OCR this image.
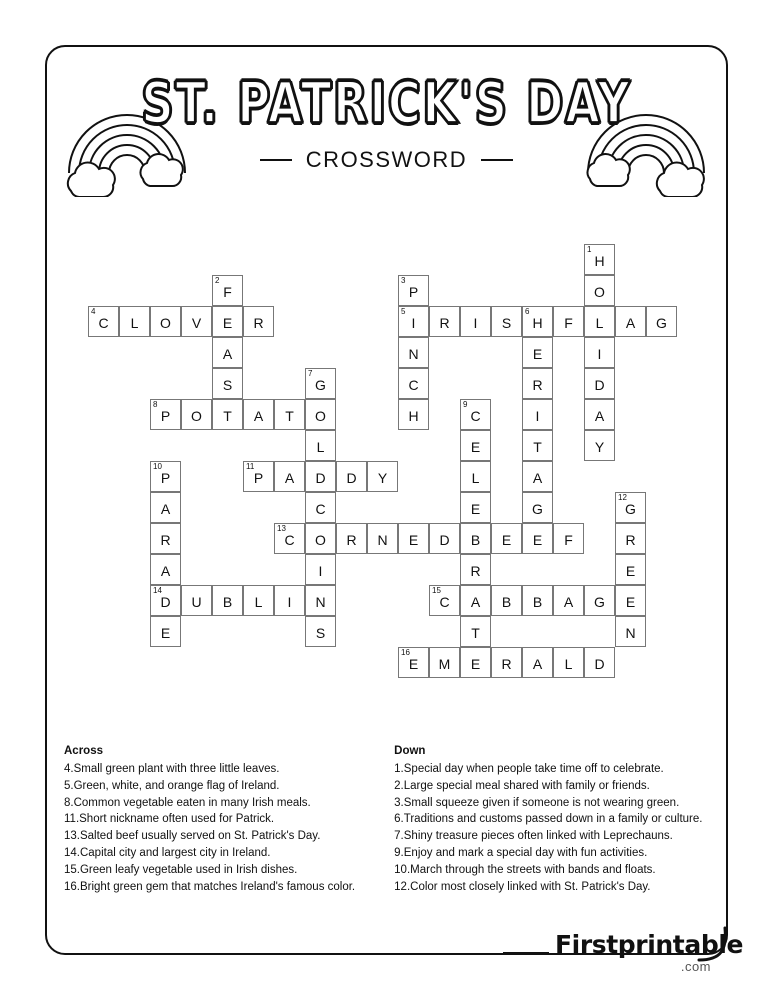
ST. PATRICK'S DAY
CROSSWORD
1
H
O
2
F
3
P
4
C	L	O	V	E	R
5
I	R	I	S
6
H	F	L	A	G
A	N	E	I
S
7
G	C	R	D
8
P	O	T	A	T	O	H
9
C	I	A
L	E	T	Y
10
P
11
P	A	D	D	Y	L	A
A	C	E	G
12
G
R
13
C	O	R	N	E	D	B	E	E	F	R
A	I	R	E
14
D	U	B	L	I	N
15
C	A	B	B	A	G	E
E	S	T	N
16
E	M	E	R	A	L	D
Across
4.Small green plant with three little leaves.
5.Green, white, and orange flag of Ireland.
8.Common vegetable eaten in many Irish meals.
11.Short nickname often used for Patrick.
13.Salted beef usually served on St. Patrick's Day.
14.Capital city and largest city in Ireland.
15.Green leafy vegetable used in Irish dishes.
16.Bright green gem that matches Ireland's famous color.
Down
1.Special day when people take time off to celebrate.
2.Large special meal shared with family or friends.
3.Small squeeze given if someone is not wearing green.
6.Traditions and customs passed down in a family or culture.
7.Shiny treasure pieces often linked with Leprechauns.
9.Enjoy and mark a special day with fun activities.
10.March through the streets with bands and floats.
12.Color most closely linked with St. Patrick's Day.
Firstprintable
.com
